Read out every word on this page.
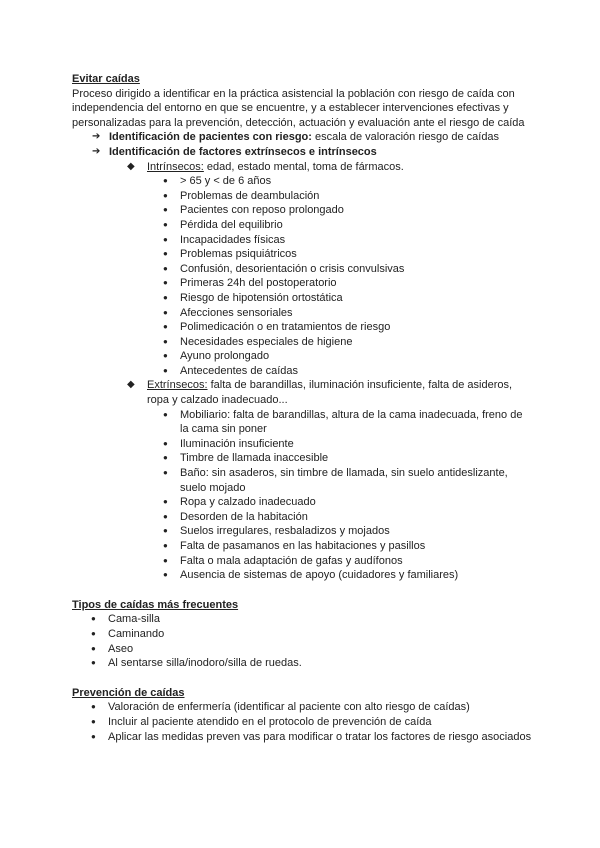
Evitar caídas

Proceso dirigido a identificar en la práctica asistencial la población con riesgo de caída con independencia del entorno en que se encuentre, y a establecer intervenciones efectivas y personalizadas para la prevención, detección, actuación y evaluación ante el riesgo de caída

➔ Identificación de pacientes con riesgo: escala de valoración riesgo de caídas
➔ Identificación de factores extrínsecos e intrínsecos
◆ Intrínsecos: edad, estado mental, toma de fármacos.
● > 65 y < de 6 años
● Problemas de deambulación
● Pacientes con reposo prolongado
● Pérdida del equilibrio
● Incapacidades físicas
● Problemas psiquiátricos
● Confusión, desorientación o crisis convulsivas
● Primeras 24h del postoperatorio
● Riesgo de hipotensión ortostática
● Afecciones sensoriales
● Polimedicación o en tratamientos de riesgo
● Necesidades especiales de higiene
● Ayuno prolongado
● Antecedentes de caídas
◆ Extrínsecos: falta de barandillas, iluminación insuficiente, falta de asideros, ropa y calzado inadecuado...
● Mobiliario: falta de barandillas, altura de la cama inadecuada, freno de la cama sin poner
● Iluminación insuficiente
● Timbre de llamada inaccesible
● Baño: sin asaderos, sin timbre de llamada, sin suelo antideslizante, suelo mojado
● Ropa y calzado inadecuado
● Desorden de la habitación
● Suelos irregulares, resbaladizos y mojados
● Falta de pasamanos en las habitaciones y pasillos
● Falta o mala adaptación de gafas y audífonos
● Ausencia de sistemas de apoyo (cuidadores y familiares)

Tipos de caídas más frecuentes

● Cama-silla
● Caminando
● Aseo
● Al sentarse silla/inodoro/silla de ruedas.

Prevención de caídas

● Valoración de enfermería (identificar al paciente con alto riesgo de caídas)
● Incluir al paciente atendido en el protocolo de prevención de caída
● Aplicar las medidas preven vas para modificar o tratar los factores de riesgo asociados
